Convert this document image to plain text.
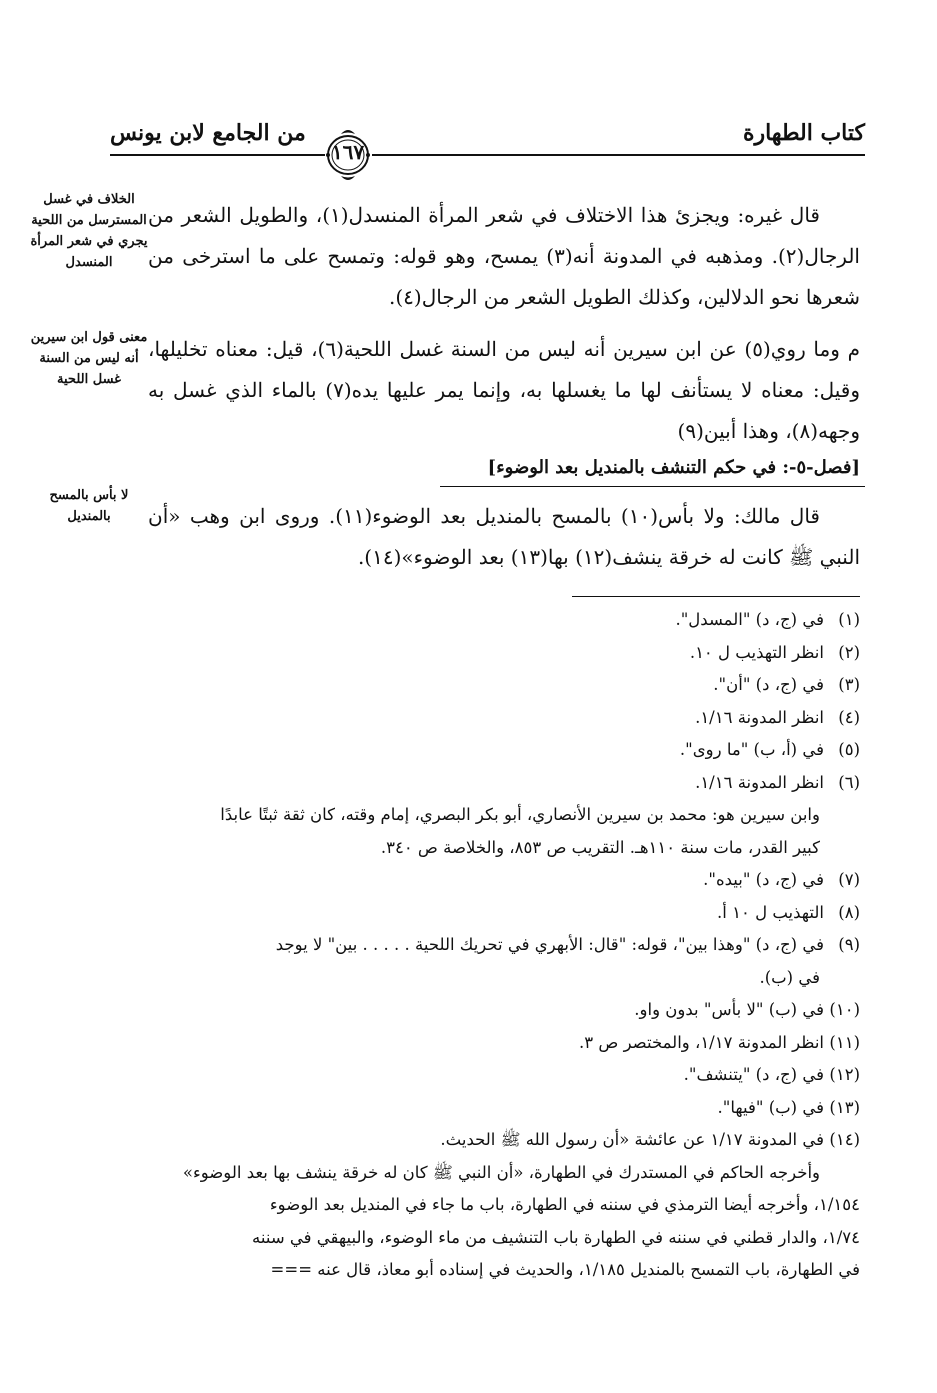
كتاب الطهارة
من الجامع لابن يونس
١٦٧
الخلاف في غسل المسترسل من اللحية يجري في شعر المرأة المنسدل
معنى قول ابن سيرين أنه ليس من السنة غسل اللحية
لا بأس بالمسح بالمنديل
قال غيره: ويجزئ هذا الاختلاف في شعر المرأة المنسدل(١)، والطويل الشعر من الرجال(٢). ومذهبه في المدونة أنه(٣) يمسح، وهو قوله: وتمسح على ما استرخى من شعرها نحو الدلالين، وكذلك الطويل الشعر من الرجال(٤).
م وما روي(٥) عن ابن سيرين أنه ليس من السنة غسل اللحية(٦)، قيل: معناه تخليلها، وقيل: معناه لا يستأنف لها ما يغسلها به، وإنما يمر عليها يده(٧) بالماء الذي غسل به وجهه(٨)، وهذا أبين(٩)
[فصل-٥-: في حكم التنشف بالمنديل بعد الوضوء]
قال مالك: ولا بأس(١٠) بالمسح بالمنديل بعد الوضوء(١١). وروى ابن وهب «أن النبي ﷺ كانت له خرقة ينشف(١٢) بها(١٣) بعد الوضوء»(١٤).

(١)في (ج، د) "المسدل".

(٢)انظر التهذيب ل ١٠.

(٣)في (ج، د) "أن".

(٤)انظر المدونة ١/١٦.

(٥)في (أ، ب) "ما روى".

(٦)انظر المدونة ١/١٦.

وابن سيرين هو: محمد بن سيرين الأنصاري، أبو بكر البصري، إمام وقته، كان ثقة ثبتًا عابدًا

كبير القدر، مات سنة ١١٠هـ. التقريب ص ٨٥٣، والخلاصة ص ٣٤٠.

(٧)في (ج، د) "بيده".

(٨)التهذيب ل ١٠ أ.

(٩)في (ج، د) "وهذا بين"، قوله: "قال: الأبهري في تحريك اللحية . . . . . بين" لا يوجد

في (ب).

(١٠)في (ب) "لا بأس" بدون واو.

(١١)انظر المدونة ١/١٧، والمختصر ص ٣.

(١٢)في (ج، د) "يتنشف".

(١٣)في (ب) "فيها".

(١٤)في المدونة ١/١٧ عن عائشة «أن رسول الله ﷺ الحديث.

وأخرجه الحاكم في المستدرك في الطهارة، «أن النبي ﷺ كان له خرقة ينشف بها بعد الوضوء»

١/١٥٤، وأخرجه أيضا الترمذي في سننه في الطهارة، باب ما جاء في المنديل بعد الوضوء

١/٧٤، والدار قطني في سننه في الطهارة باب التنشيف من ماء الوضوء، والبيهقي في سننه

في الطهارة، باب التمسح بالمنديل ١/١٨٥، والحديث في إسناده أبو معاذ، قال عنه ===
